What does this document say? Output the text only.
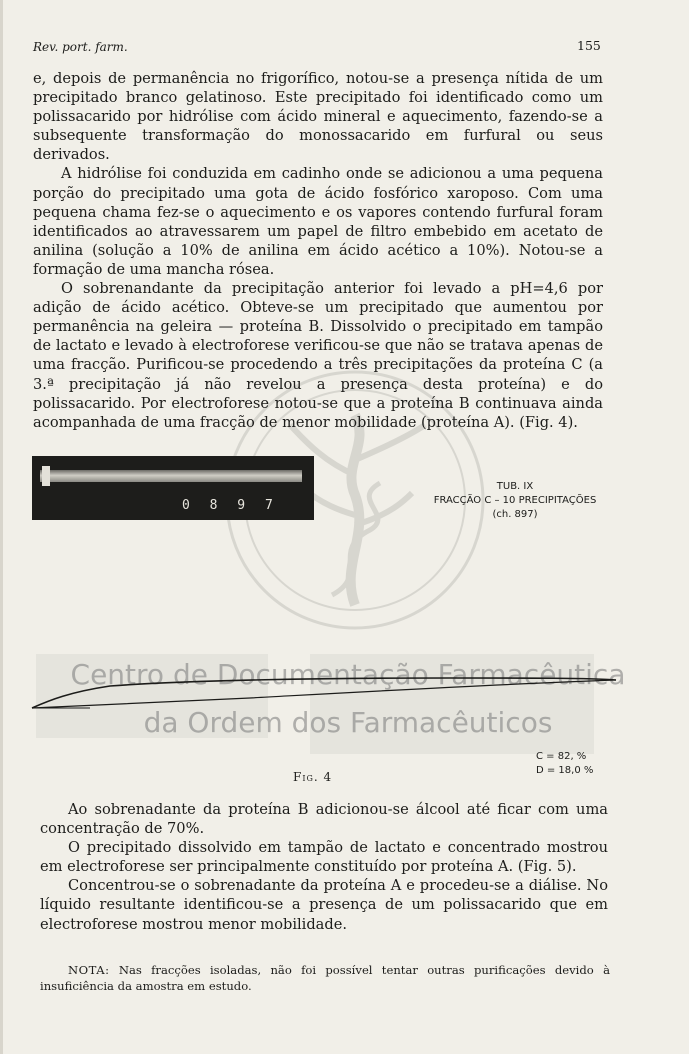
Rev. port. farm.	155

e, depois de permanência no frigorífico, notou-se a presença nítida de um precipitado branco gelatinoso. Este precipitado foi identificado como um polissacarido por hidrólise com ácido mineral e aquecimento, fazendo-se a subsequente transformação do monossacarido em furfural ou seus derivados.

A hidrólise foi conduzida em cadinho onde se adicionou a uma pequena porção do precipitado uma gota de ácido fosfórico xaroposo. Com uma pequena chama fez-se o aquecimento e os vapores contendo furfural foram identificados ao atravessarem um papel de filtro embebido em acetato de anilina (solução a 10% de anilina em ácido acético a 10%). Notou-se a formação de uma mancha rósea.

O sobrenandante da precipitação anterior foi levado a pH=4,6 por adição de ácido acético. Obteve-se um precipitado que aumentou por permanência na geleira — proteína B. Dissolvido o precipitado em tampão de lactato e levado à electroforese verificou-se que não se tratava apenas de uma fracção. Purificou-se procedendo a três precipitações da proteína C (a 3.ª precipitação já não revelou a presença desta proteína) e do polissacarido. Por electroforese notou-se que a proteína B continuava ainda acompanhada de uma fracção de menor mobilidade (proteína A). (Fig. 4).

0 8 9 7
TUB. IX
FRACÇÃO C – 10 PRECIPITAÇÕES
(ch. 897)
Centro de Documentação Farmacêutica
da Ordem dos Farmacêuticos
C = 82, %
D = 18,0 %
Fig. 4

Ao sobrenadante da proteína B adicionou-se álcool até ficar com uma concentração de 70%.

O precipitado dissolvido em tampão de lactato e concentrado mostrou em electroforese ser principalmente constituído por proteína A. (Fig. 5).

Concentrou-se o sobrenadante da proteína A e procedeu-se a diálise. No líquido resultante identificou-se a presença de um polissacarido que em electroforese mostrou menor mobilidade.

NOTA: Nas fracções isoladas, não foi possível tentar outras purificações devido à insuficiência da amostra em estudo.
